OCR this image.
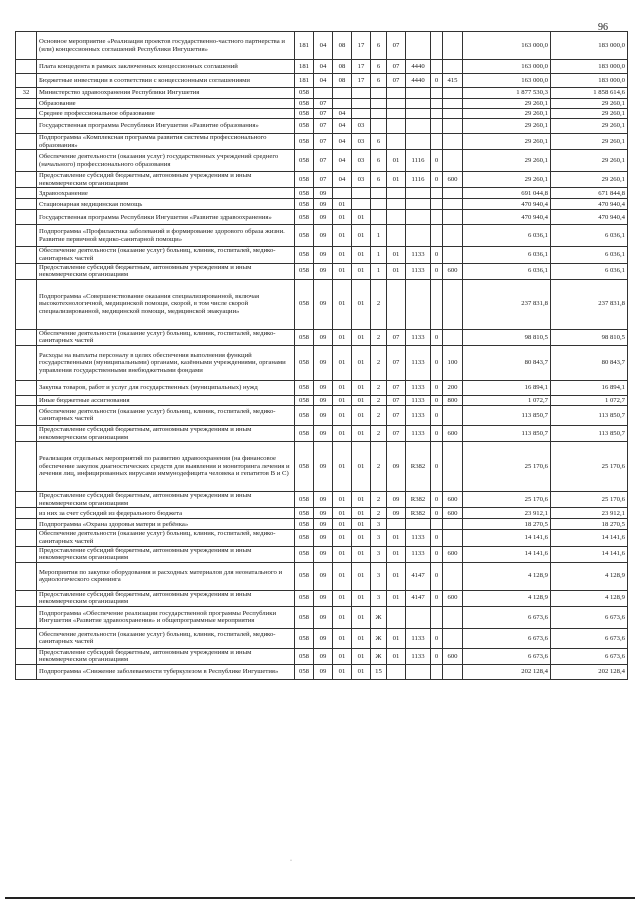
96
	Основное мероприятие «Реализация проектов государственно-частного партнерства и (или) концессионных соглашений Республики Ингушетия»	181	04	08	17	6	07				163 000,0	183 000,0
	Плата концедента в рамках заключенных концессионных соглашений	181	04	08	17	6	07	4440			163 000,0	183 000,0
	Бюджетные инвестиции в соответствии с концессионными соглашениями	181	04	08	17	6	07	4440	0	415	163 000,0	183 000,0
32	Министерство здравоохранения Республики Ингушетия	058									1 877 530,3	1 858 614,6
	Образование	058	07								29 260,1	29 260,1
	Среднее профессиональное образование	058	07	04							29 260,1	29 260,1
	Государственная программа Республики Ингушетия «Развитие образования»	058	07	04	03						29 260,1	29 260,1
	Подпрограмма «Комплексная программа развития системы профессионального образования»	058	07	04	03	6					29 260,1	29 260,1
	Обеспечение деятельности (оказания услуг) государственных учреждений среднего (начального) профессионального образования	058	07	04	03	6	01	1116	0		29 260,1	29 260,1
	Предоставление субсидий бюджетным, автономным учреждениям и иным некоммерческим организациям	058	07	04	03	6	01	1116	0	600	29 260,1	29 260,1
	Здравоохранение	058	09								691 044,8	671 844,8
	Стационарная медицинская помощь	058	09	01							470 940,4	470 940,4
	Государственная программа Республики Ингушетия «Развитие здравоохранения»	058	09	01	01						470 940,4	470 940,4
	Подпрограмма «Профилактика заболеваний и формирование здорового образа жизни. Развитие первичной медико-санитарной помощи»	058	09	01	01	1					6 036,1	6 036,1
	Обеспечение деятельности (оказание услуг) больниц, клиник, госпиталей, медико-санитарных частей	058	09	01	01	1	01	1133	0		6 036,1	6 036,1
	Предоставление субсидий бюджетным, автономным учреждениям и иным некоммерческим организациям	058	09	01	01	1	01	1133	0	600	6 036,1	6 036,1
	Подпрограмма «Совершенствование оказания специализированной, включая высокотехнологичной, медицинской помощи, скорой, в том числе скорой специализированной, медицинской помощи, медицинской эвакуации»	058	09	01	01	2					237 831,8	237 831,8
	Обеспечение деятельности (оказание услуг) больниц, клиник, госпиталей, медико-санитарных частей	058	09	01	01	2	07	1133	0		98 810,5	98 810,5
	Расходы на выплаты персоналу в целях обеспечения выполнения функций государственными (муниципальными) органами, казёнными учреждениями, органами управления государственными внебюджетными фондами	058	09	01	01	2	07	1133	0	100	80 843,7	80 843,7
	Закупка товаров, работ и услуг для государственных (муниципальных) нужд	058	09	01	01	2	07	1133	0	200	16 894,1	16 894,1
	Иные бюджетные ассигнования	058	09	01	01	2	07	1133	0	800	1 072,7	1 072,7
	Обеспечение деятельности (оказание услуг) больниц, клиник, госпиталей, медико-санитарных частей	058	09	01	01	2	07	1133	0		113 850,7	113 850,7
	Предоставление субсидий бюджетным, автономным учреждениям и иным некоммерческим организациям	058	09	01	01	2	07	1133	0	600	113 850,7	113 850,7
	Реализация отдельных мероприятий по развитию здравоохранения (на финансовое обеспечение закупок диагностических средств для выявления и мониторинга лечения и лечения лиц, инфицированных вирусами иммунодефицита человека и гепатитов В и С)	058	09	01	01	2	09	R382	0		25 170,6	25 170,6
	Предоставление субсидий бюджетным, автономным учреждениям и иным некоммерческим организациям	058	09	01	01	2	09	R382	0	600	25 170,6	25 170,6
	из них за счет субсидий из федерального бюджета	058	09	01	01	2	09	R382	0	600	23 912,1	23 912,1
	Подпрограмма «Охрана здоровья матери и ребёнка»	058	09	01	01	3					18 270,5	18 270,5
	Обеспечение деятельности (оказание услуг) больниц, клиник, госпиталей, медико-санитарных частей	058	09	01	01	3	01	1133	0		14 141,6	14 141,6
	Предоставление субсидий бюджетным, автономным учреждениям и иным некоммерческим организациям	058	09	01	01	3	01	1133	0	600	14 141,6	14 141,6
	Мероприятия по закупке оборудования и расходных материалов для неонатального и аудиологического скрининга	058	09	01	01	3	01	4147	0		4 128,9	4 128,9
	Предоставление субсидий бюджетным, автономным учреждениям и иным некоммерческим организациям	058	09	01	01	3	01	4147	0	600	4 128,9	4 128,9
	Подпрограмма «Обеспечение реализации государственной программы Республики Ингушетия «Развитие здравоохранения» и общепрограммные мероприятия	058	09	01	01	Ж					6 673,6	6 673,6
	Обеспечение деятельности (оказание услуг) больниц, клиник, госпиталей, медико-санитарных частей	058	09	01	01	Ж	01	1133	0		6 673,6	6 673,6
	Предоставление субсидий бюджетным, автономным учреждениям и иным некоммерческим организациям	058	09	01	01	Ж	01	1133	0	600	6 673,6	6 673,6
	Подпрограмма «Снижение заболеваемости туберкулезом в Республике Ингушетия»	058	09	01	01	15					202 128,4	202 128,4
·
